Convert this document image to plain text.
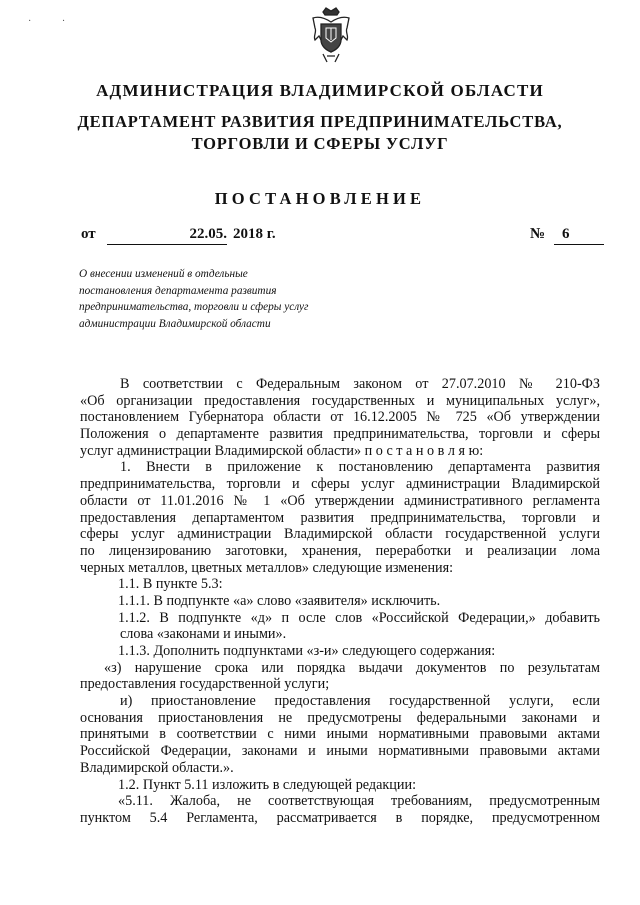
· ·
АДМИНИСТРАЦИЯ ВЛАДИМИРСКОЙ ОБЛАСТИ
ДЕПАРТАМЕНТ РАЗВИТИЯ ПРЕДПРИНИМАТЕЛЬСТВА,
ТОРГОВЛИ И СФЕРЫ УСЛУГ
ПОСТАНОВЛЕНИЕ
от	22.05. 2018 г.	№	6
О внесении изменений в отдельные
постановления департамента развития
предпринимательства, торговли и сферы услуг
администрации Владимирской области
В соответствии с Федеральным законом от 27.07.2010 № 210-ФЗ
«Об организации предоставления государственных и муниципальных услуг»,
постановлением Губернатора области от 16.12.2005 № 725 «Об утверждении
Положения о департаменте развития предпринимательства, торговли и сферы
услуг администрации Владимирской области» п о с т а н о в л я ю:
1. Внести в приложение к постановлению департамента развития
предпринимательства, торговли и сферы услуг администрации Владимирской
области от 11.01.2016 № 1 «Об утверждении административного регламента
предоставления департаментом развития предпринимательства, торговли и
сферы услуг администрации Владимирской области государственной услуги
по лицензированию заготовки, хранения, переработки и реализации лома
черных металлов, цветных металлов» следующие изменения:
1.1. В пункте 5.3:
1.1.1. В подпункте «а» слово «заявителя» исключить.
1.1.2. В подпункте «д» п осле слов «Российской Федерации,» добавить
слова «законами и иными».
1.1.3. Дополнить подпунктами «з-и» следующего содержания:
«з) нарушение срока или порядка выдачи документов по результатам
предоставления государственной услуги;
и) приостановление предоставления государственной услуги, если
основания приостановления не предусмотрены федеральными законами и
принятыми в соответствии с ними иными нормативными правовыми актами
Российской Федерации, законами и иными нормативными правовыми актами
Владимирской области.».
1.2. Пункт 5.11 изложить в следующей редакции:
«5.11. Жалоба, не соответствующая требованиям, предусмотренным
пунктом 5.4 Регламента, рассматривается в порядке, предусмотренном
